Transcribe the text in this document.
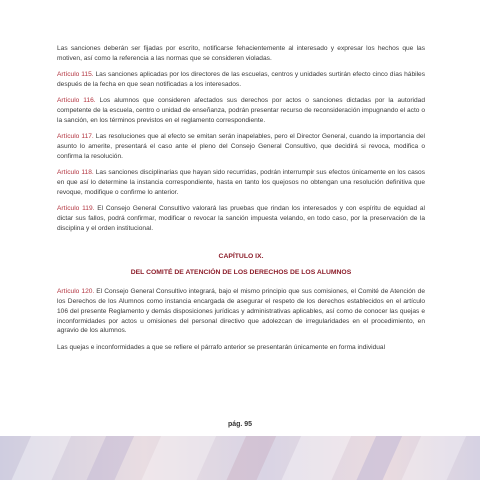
Las sanciones deberán ser fijadas por escrito, notificarse fehacientemente al interesado y expresar los hechos que las motiven, así como la referencia a las normas que se consideren violadas.

Artículo 115. Las sanciones aplicadas por los directores de las escuelas, centros y unidades surtirán efecto cinco días hábiles después de la fecha en que sean notificadas a los interesados.

Artículo 116. Los alumnos que consideren afectados sus derechos por actos o sanciones dictadas por la autoridad competente de la escuela, centro o unidad de enseñanza, podrán presentar recurso de reconsideración impugnando el acto o la sanción, en los términos previstos en el reglamento correspondiente.

Artículo 117. Las resoluciones que al efecto se emitan serán inapelables, pero el Director General, cuando la importancia del asunto lo amerite, presentará el caso ante el pleno del Consejo General Consultivo, que decidirá si revoca, modifica o confirma la resolución.

Artículo 118. Las sanciones disciplinarias que hayan sido recurridas, podrán interrumpir sus efectos únicamente en los casos en que así lo determine la instancia correspondiente, hasta en tanto los quejosos no obtengan una resolución definitiva que revoque, modifique o confirme lo anterior.

Artículo 119. El Consejo General Consultivo valorará las pruebas que rindan los interesados y con espíritu de equidad al dictar sus fallos, podrá confirmar, modificar o revocar la sanción impuesta velando, en todo caso, por la preservación de la disciplina y el orden institucional.

CAPÍTULO IX.
DEL COMITÉ DE ATENCIÓN DE LOS DERECHOS DE LOS ALUMNOS

Artículo 120. El Consejo General Consultivo integrará, bajo el mismo principio que sus comisiones, el Comité de Atención de los Derechos de los Alumnos como instancia encargada de asegurar el respeto de los derechos establecidos en el artículo 106 del presente Reglamento y demás disposiciones jurídicas y administrativas aplicables, así como de conocer las quejas e inconformidades por actos u omisiones del personal directivo que adolezcan de irregularidades en el procedimiento, en agravio de los alumnos.

Las quejas e inconformidades a que se refiere el párrafo anterior se presentarán únicamente en forma individual

pág. 95
